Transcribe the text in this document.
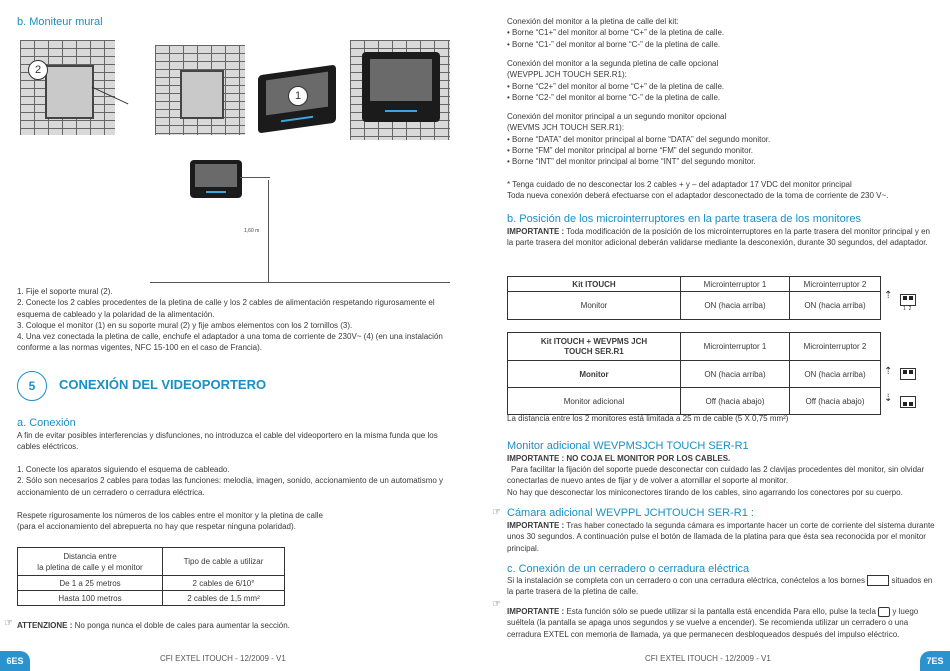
b. Moniteur mural
2
1
1,60 m
1. Fije el soporte mural (2).
2. Conecte los 2 cables procedentes de la pletina de calle y los 2 cables de alimentación respetando rigurosamente el esquema de cableado y la polaridad de la alimentación.
3. Coloque el monitor (1) en su soporte mural (2) y fije ambos elementos con los 2 tornillos (3).
4. Una vez conectada la pletina de calle, enchufe el adaptador a una toma de corriente de 230V~ (4) (en una instalación conforme a las normas vigentes, NFC 15-100 en el caso de Francia).
5	CONEXIÓN DEL VIDEOPORTERO
a. Conexión
A fin de evitar posibles interferencias y disfunciones, no introduzca el cable del videoportero en la misma funda que los cables eléctricos.
1. Conecte los aparatos siguiendo el esquema de cableado.
2. Sólo son necesarios 2 cables para todas las funciones: melodía, imagen, sonido, accionamiento de un automatismo y accionamiento de un cerradero o cerradura eléctrica.
Respete rigurosamente los números de los cables entre el monitor y la pletina de calle
(para el accionamiento del abrepuerta no hay que respetar ninguna polaridad).
Distancia entre
la pletina de calle y el monitor	Tipo de cable a utilizar
De 1 a 25 metros	2 cables de 6/10°
Hasta 100 metros	2 cables de 1,5 mm²
☞ ATTENZIONE : No ponga nunca el doble de cales para aumentar la sección.
6ES	CFI EXTEL ITOUCH - 12/2009 - V1
Conexión del monitor a la pletina de calle del kit:
• Borne “C1+” del monitor al borne “C+” de la pletina de calle.
• Borne “C1-” del monitor al borne “C-” de la pletina de calle.
Conexión del monitor a la segunda pletina de calle opcional
(WEVPPL JCH TOUCH SER.R1):
• Borne “C2+” del monitor al borne “C+” de la pletina de calle.
• Borne “C2-” del monitor al borne “C-” de la pletina de calle.
Conexión del monitor principal a un segundo monitor opcional
(WEVMS JCH TOUCH SER.R1):
• Borne “DATA” del monitor principal al borne “DATA” del segundo monitor.
• Borne “FM” del monitor principal al borne “FM” del segundo monitor.
• Borne “INT” del monitor principal al borne “INT” del segundo monitor.
* Tenga cuidado de no desconectar los 2 cables + y – del adaptador 17 VDC del monitor principal
Toda nueva conexión deberá efectuarse con el adaptador desconectado de la toma de corriente de 230 V~.
b. Posición de los microinterruptores en la parte trasera de los monitores
IMPORTANTE : Toda modificación de la posición de los microinterruptores en la parte trasera del monitor principal y en la parte trasera del monitor adicional deberán validarse mediante la desconexión, durante 30 segundos, del adaptador.
Kit ITOUCH	Microinterruptor 1	Microinterruptor 2
Monitor	ON (hacia arriba)	ON (hacia arriba)
⇡
1 2
Kit ITOUCH + WEVPMS JCH
TOUCH SER.R1	Microinterruptor 1	Microinterruptor 2
Monitor	ON (hacia arriba)	ON (hacia arriba)
Monitor adicional	Off (hacia abajo)	Off (hacia abajo)
⇡
⇣
La distancia entre los 2 monitores está limitada a 25 m de cable (5 X 0,75 mm²)
Monitor adicional WEVPMSJCH TOUCH SER-R1
IMPORTANTE : NO COJA EL MONITOR POR LOS CABLES.
Para facilitar la fijación del soporte puede desconectar con cuidado las 2 clavijas procedentes del monitor, sin olvidar conectarlas de nuevo antes de fijar y de volver a atornillar el soporte al monitor.
No hay que desconectar los miniconectores tirando de los cables, sino agarrando los conectores por su cuerpo.
☞ Cámara adicional WEVPPL JCHTOUCH SER-R1 :
IMPORTANTE : Tras haber conectado la segunda cámara es importante hacer un corte de corriente del sistema durante unos 30 segundos. A continuación pulse el botón de llamada de la platina para que ésta sea reconocida por el monitor principal.
c. Conexión de un cerradero o cerradura eléctrica
Si la instalación se completa con un cerradero o con una cerradura eléctrica, conéctelos a los bornes	situados en la parte trasera de la pletina de calle.
☞
IMPORTANTE : Esta función sólo se puede utilizar si la pantalla está encendida Para ello, pulse la tecla y luego suéltela (la pantalla se apaga unos segundos y se vuelve a encender). Se recomienda utilizar un cerradero o una cerradura EXTEL con memoria de llamada, ya que permanecen desbloqueados después del impulso eléctrico.
CFI EXTEL ITOUCH - 12/2009 - V1	7ES
